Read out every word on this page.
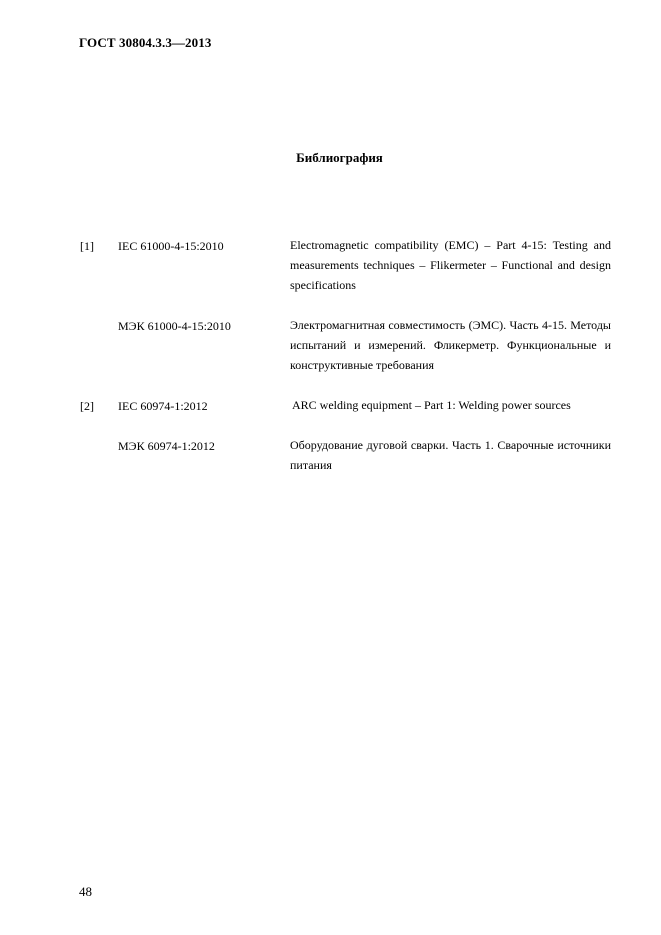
ГОСТ 30804.3.3—2013
Библиография
[1] IEC 61000-4-15:2010	Electromagnetic compatibility (EMC) – Part 4-15: Testing and measurements techniques – Flikermeter – Functional and design specifications
МЭК 61000-4-15:2010	Электромагнитная совместимость (ЭМС). Часть 4-15. Методы испытаний и измерений. Фликерметр. Функциональные и конструктивные требования
[2] IEC 60974-1:2012	ARC welding equipment – Part 1: Welding power sources
МЭК 60974-1:2012	Оборудование дуговой сварки. Часть 1. Сварочные источники питания
48
